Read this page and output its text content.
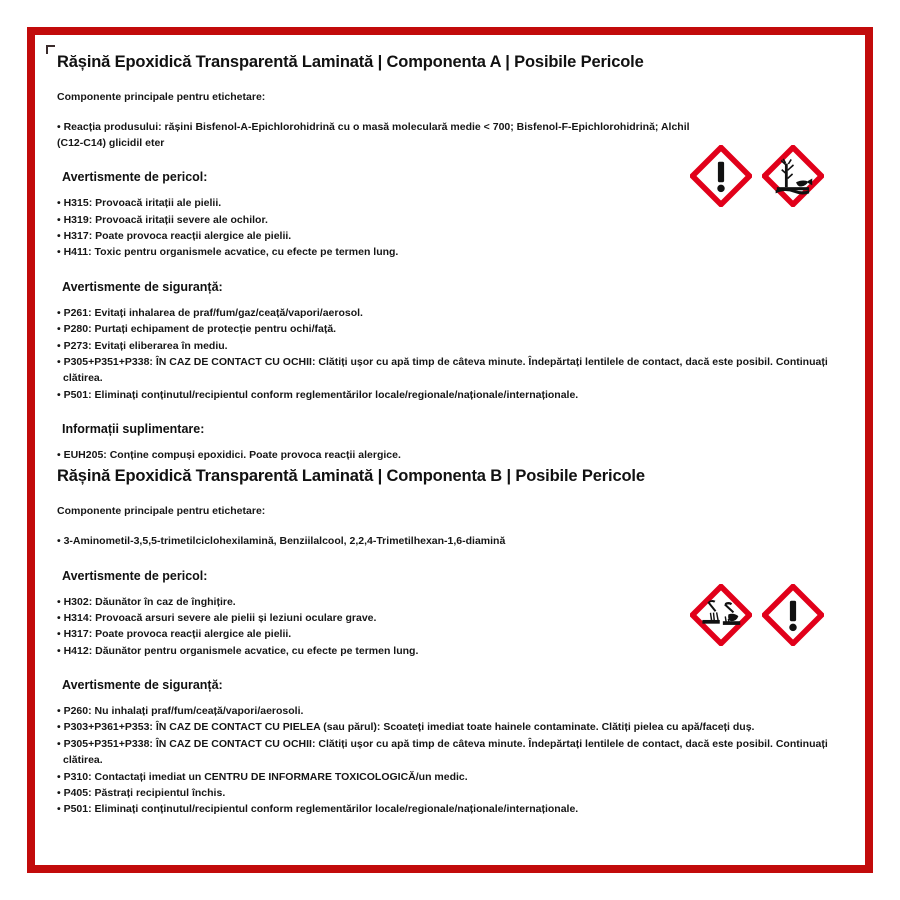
Rășină Epoxidică Transparentă Laminată | Componenta A | Posibile Pericole

Componente principale pentru etichetare:

• Reacția produsului: rășini Bisfenol-A-Epichlorohidrină cu o masă moleculară medie < 700; Bisfenol-F-Epichlorohidrină; Alchil (C12-C14) glicidil eter

Avertismente de pericol:
• H315: Provoacă iritații ale pielii.
• H319: Provoacă iritații severe ale ochilor.
• H317: Poate provoca reacții alergice ale pielii.
• H411: Toxic pentru organismele acvatice, cu efecte pe termen lung.
Avertismente de siguranță:
• P261: Evitați inhalarea de praf/fum/gaz/ceață/vapori/aerosol.
• P280: Purtați echipament de protecție pentru ochi/față.
• P273: Evitați eliberarea în mediu.
• P305+P351+P338: ÎN CAZ DE CONTACT CU OCHII: Clătiți ușor cu apă timp de câteva minute. Îndepărtați lentilele de contact, dacă este posibil. Continuați clătirea.
• P501: Eliminați conținutul/recipientul conform reglementărilor locale/regionale/naționale/internaționale.
Informații suplimentare:
• EUH205: Conține compuși epoxidici. Poate provoca reacții alergice.
Rășină Epoxidică Transparentă Laminată | Componenta B | Posibile Pericole

Componente principale pentru etichetare:

• 3-Aminometil-3,5,5-trimetilciclohexilamină, Benziilalcool, 2,2,4-Trimetilhexan-1,6-diamină

Avertismente de pericol:
• H302: Dăunător în caz de înghițire.
• H314: Provoacă arsuri severe ale pielii și leziuni oculare grave.
• H317: Poate provoca reacții alergice ale pielii.
• H412: Dăunător pentru organismele acvatice, cu efecte pe termen lung.
Avertismente de siguranță:
• P260: Nu inhalați praf/fum/ceață/vapori/aerosoli.
• P303+P361+P353: ÎN CAZ DE CONTACT CU PIELEA (sau părul): Scoateți imediat toate hainele contaminate. Clătiți pielea cu apă/faceți duș.
• P305+P351+P338: ÎN CAZ DE CONTACT CU OCHII: Clătiți ușor cu apă timp de câteva minute. Îndepărtați lentilele de contact, dacă este posibil. Continuați clătirea.
• P310: Contactați imediat un CENTRU DE INFORMARE TOXICOLOGICĂ/un medic.
• P405: Păstrați recipientul închis.
• P501: Eliminați conținutul/recipientul conform reglementărilor locale/regionale/naționale/internaționale.
